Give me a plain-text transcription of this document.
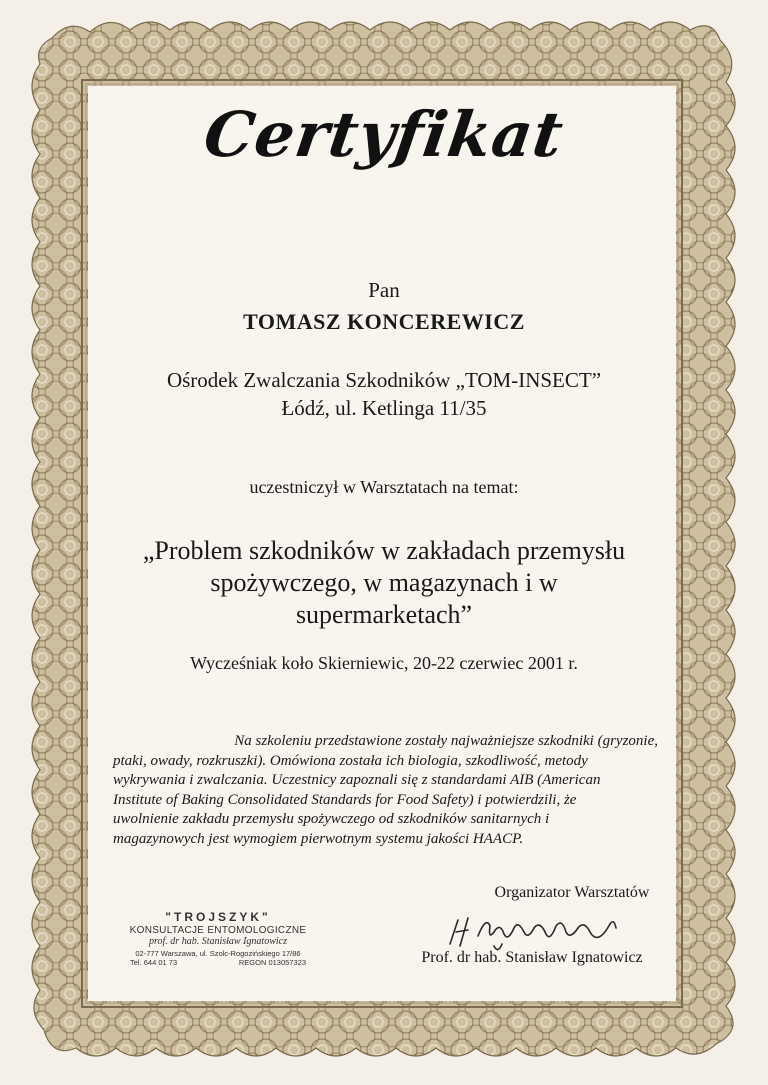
Certyfikat
Pan
TOMASZ KONCEREWICZ
Ośrodek Zwalczania Szkodników „TOM-INSECT”
Łódź, ul. Ketlinga 11/35
uczestniczył w Warsztatach na temat:
„Problem szkodników w zakładach przemysłu
spożywczego, w magazynach i w
supermarketach”
Wycześniak koło Skierniewic, 20-22 czerwiec 2001 r.
Na szkoleniu przedstawione zostały najważniejsze szkodniki (gryzonie,
ptaki, owady, rozkruszki). Omówiona została ich biologia, szkodliwość, metody
wykrywania i zwalczania. Uczestnicy zapoznali się z standardami AIB (American
Institute of Baking Consolidated Standards for Food Safety) i potwierdzili, że
uwolnienie zakładu przemysłu spożywczego od szkodników sanitarnych i
magazynowych jest wymogiem pierwotnym systemu jakości HAACP.
Organizator Warsztatów
Prof. dr hab. Stanisław Ignatowicz
"TROJSZYK"
KONSULTACJE ENTOMOLOGICZNE
prof. dr hab. Stanisław Ignatowicz
02-777 Warszawa, ul. Szolc-Rogozińskiego 17/86
Tel. 644 01 73	REGON 013057323
